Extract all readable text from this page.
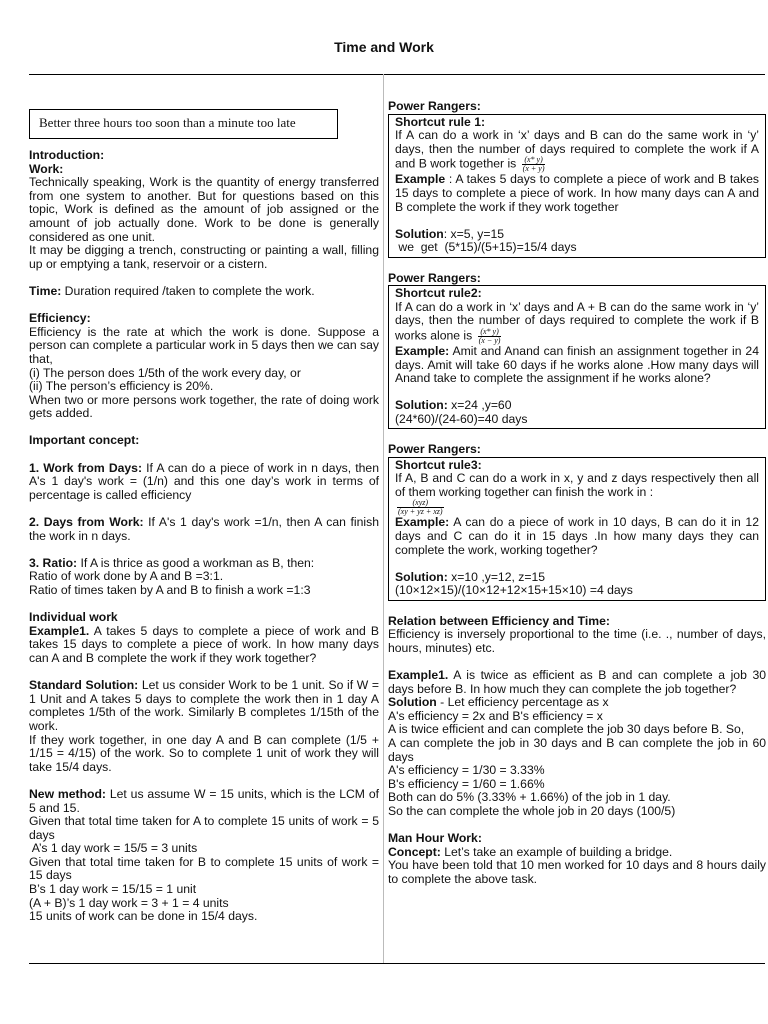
Time and Work
Better three hours too soon than a minute too late

Introduction:

Work:

Technically speaking, Work is the quantity of energy transferred from one system to another. But for questions based on this topic, Work is defined as the amount of job assigned or the amount of job actually done. Work to be done is generally considered as one unit.

It may be digging a trench, constructing or painting a wall, filling up or emptying a tank, reservoir or a cistern.

Time: Duration required /taken to complete the work.

Efficiency:

Efficiency is the rate at which the work is done. Suppose a person can complete a particular work in 5 days then we can say that,

(i) The person does 1/5th of the work every day, or

(ii) The person’s efficiency is 20%.

When two or more persons work together, the rate of doing work gets added.

Important concept:

1. Work from Days: If A can do a piece of work in n days, then A's 1 day's work = (1/n) and this one day’s work in terms of percentage is called efficiency

2. Days from Work: If A's 1 day's work =1/n, then A can finish the work in n days.

3. Ratio: If A is thrice as good a workman as B, then:

Ratio of work done by A and B =3:1.

Ratio of times taken by A and B to finish a work =1:3

Individual work

Example1. A takes 5 days to complete a piece of work and B takes 15 days to complete a piece of work. In how many days can A and B complete the work if they work together?

Standard Solution: Let us consider Work to be 1 unit. So if W = 1 Unit and A takes 5 days to complete the work then in 1 day A completes 1/5th of the work. Similarly B completes 1/15th of the work.

If they work together, in one day A and B can complete (1/5 + 1/15 = 4/15) of the work. So to complete 1 unit of work they will take 15/4 days.

New method: Let us assume W = 15 units, which is the LCM of 5 and 15.

Given that total time taken for A to complete 15 units of work = 5 days

A’s 1 day work = 15/5 = 3 units

Given that total time taken for B to complete 15 units of work = 15 days

B’s 1 day work = 15/15 = 1 unit

(A + B)’s 1 day work = 3 + 1 = 4 units

15 units of work can be done in 15/4 days.

Power Rangers:

Shortcut rule 1:

If A can do a work in ‘x’ days and B can do the same work in ‘y’ days, then the number of days required to complete the work if A and B work together is $\frac{(x* y)}{(x + y)}$

Example : A takes 5 days to complete a piece of work and B takes 15 days to complete a piece of work. In how many days can A and B complete the work if they work together

Solution: x=5, y=15

we  get  (5*15)/(5+15)=15/4 days

Power Rangers:

Shortcut rule2:

If A can do a work in ‘x’ days and A + B can do the same work in ‘y’ days, then the number of days required to complete the work if B works alone is $\frac{(x* y)}{(x - y)}$

Example: Amit and Anand can finish an assignment together in 24 days. Amit will take 60 days if he works alone .How many days will Anand take to complete the assignment if he works alone?

Solution: x=24 ,y=60

(24*60)/(24-60)=40 days

Power Rangers:

Shortcut rule3:

If A, B and C can do a work in x, y and z days respectively then all of them working together can finish the work in :

$\frac{\text{(xyz)}}{(xy + yz + xz)}$

Example: A can do a piece of work in 10 days, B can do it in 12 days and C can do it in 15 days .In how many days they can complete the work, working together?

Solution: x=10 ,y=12, z=15

(10×12×15)/(10×12+12×15+15×10) =4 days

Relation between Efficiency and Time:

Efficiency is inversely proportional to the time (i.e. ., number of days, hours, minutes) etc.

Example1. A is twice as efficient as B and can complete a job 30 days before B. In how much they can complete the job together?

Solution - Let efficiency percentage as x

A's efficiency = 2x and B's efficiency = x

A is twice efficient and can complete the job 30 days before B. So,

A can complete the job in 30 days and B can complete the job in 60 days

A's efficiency = 1/30 = 3.33%

B's efficiency = 1/60 = 1.66%

Both can do 5% (3.33% + 1.66%) of the job in 1 day.

So the can complete the whole job in 20 days (100/5)

Man Hour Work:

Concept: Let’s take an example of building a bridge.

You have been told that 10 men worked for 10 days and 8 hours daily to complete the above task.
